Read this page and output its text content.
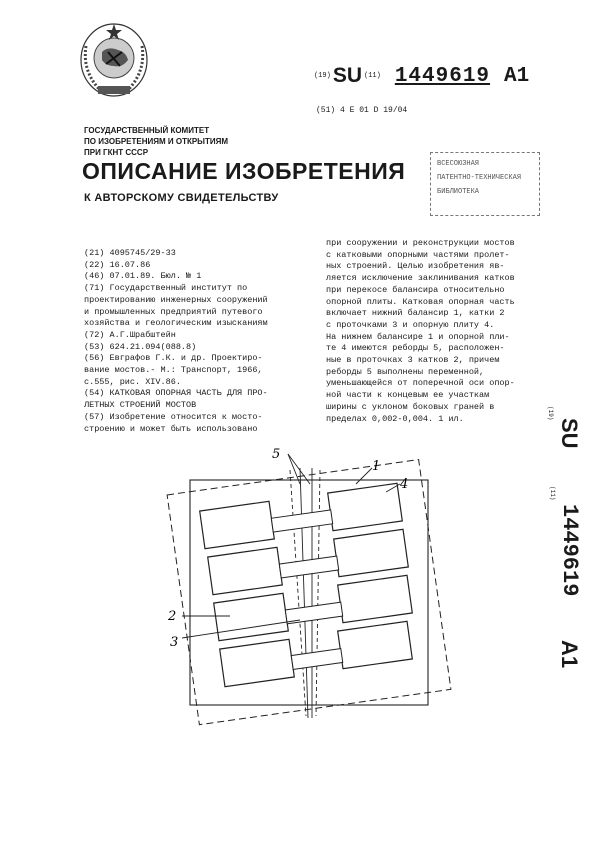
(19)SU (11) 1449619 A1
(51) 4 E 01 D 19/04
ГОСУДАРСТВЕННЫЙ КОМИТЕТ
ПО ИЗОБРЕТЕНИЯМ И ОТКРЫТИЯМ
ПРИ ГКНТ СССР
ОПИСАНИЕ ИЗОБРЕТЕНИЯ
К АВТОРСКОМУ СВИДЕТЕЛЬСТВУ
ВСЕСОЮЗНАЯ
ПАТЕНТНО-ТЕХНИЧЕСКАЯ
БИБЛИОТЕКА
(21) 4095745/29-33
(22) 16.07.86
(46) 07.01.89. Бюл. № 1
(71) Государственный институт по
проектированию инженерных сооружений
и промышленных предприятий путевого
хозяйства и геологическим изысканиям
(72) А.Г.Шрабштейн
(53) 624.21.094(088.8)
(56) Евграфов Г.К. и др. Проектиро-
вание мостов.- М.: Транспорт, 1966,
с.555, рис. XIV.86.
(54) КАТКОВАЯ ОПОРНАЯ ЧАСТЬ ДЛЯ ПРО-
ЛЕТНЫХ СТРОЕНИЙ МОСТОВ
(57) Изобретение относится к мосто-
строению и может быть использовано
при сооружении и реконструкции мостов
с катковыми опорными частями пролет-
ных строений. Целью изобретения яв-
ляется исключение заклинивания катков
при перекосе балансира относительно
опорной плиты. Катковая опорная часть
включает нижний балансир 1, катки 2
с проточками 3 и опорную плиту 4.
На нижнем балансире 1 и опорной пли-
те 4 имеются реборды 5, расположен-
ные в проточках 3 катков 2, причем
реборды 5 выполнены переменной,
уменьшающейся от поперечной оси опор-
ной части к концевым ее участкам
ширины с уклоном боковых граней в
пределах 0,002-0,004. 1 ил.	(19)
SU
(11)
1449619
A1
5
1
4
2
3
